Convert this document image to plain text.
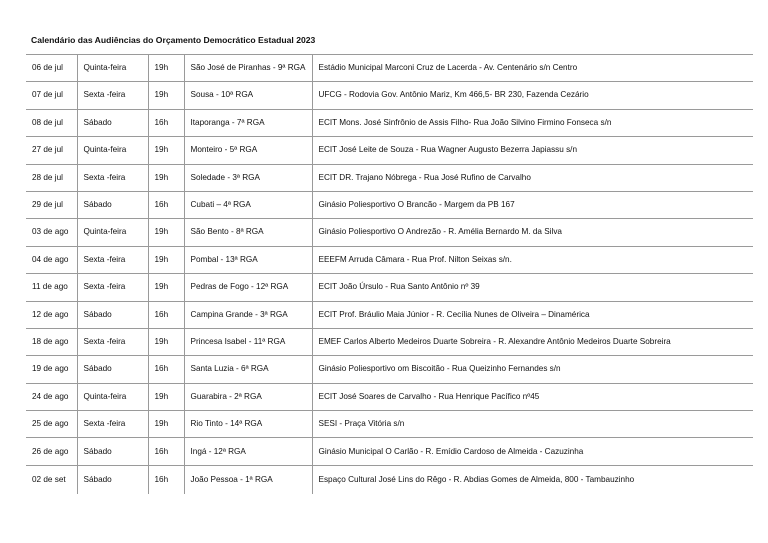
Calendário das Audiências do Orçamento Democrático Estadual 2023
06 de jul	Quinta-feira	19h	São José de Piranhas - 9ª RGA	Estádio Municipal Marconi Cruz de Lacerda - Av. Centenário s/n Centro
07 de jul	Sexta -feira	19h	Sousa - 10ª RGA	UFCG - Rodovia Gov. Antônio Mariz, Km 466,5- BR 230, Fazenda Cezário
08 de jul	Sábado	16h	Itaporanga - 7ª RGA	ECIT Mons. José Sinfrônio de Assis Filho- Rua João Silvino Firmino Fonseca s/n
27 de jul	Quinta-feira	19h	Monteiro - 5ª RGA	ECIT José Leite de Souza - Rua Wagner Augusto Bezerra Japiassu s/n
28 de jul	Sexta -feira	19h	Soledade - 3ª RGA	ECIT DR. Trajano Nóbrega - Rua José Rufino de Carvalho
29 de jul	Sábado	16h	Cubati – 4ª RGA	Ginásio Poliesportivo O Brancão - Margem da PB 167
03 de ago	Quinta-feira	19h	São Bento - 8ª RGA	Ginásio Poliesportivo O Andrezão - R. Amélia Bernardo M. da Silva
04 de ago	Sexta -feira	19h	Pombal - 13ª RGA	EEEFM Arruda Câmara - Rua Prof. Nilton Seixas s/n.
11 de ago	Sexta -feira	19h	Pedras de Fogo - 12ª RGA	ECIT João Úrsulo - Rua Santo Antônio nº 39
12 de ago	Sábado	16h	Campina Grande - 3ª RGA	ECIT Prof. Bráulio Maia Júnior - R. Cecília Nunes de Oliveira – Dinamérica
18 de ago	Sexta -feira	19h	Princesa Isabel - 11ª RGA	EMEF Carlos Alberto Medeiros Duarte Sobreira - R. Alexandre Antônio Medeiros Duarte Sobreira
19 de ago	Sábado	16h	Santa Luzia - 6ª RGA	Ginásio Poliesportivo om Biscoitão - Rua Queizinho Fernandes s/n
24 de ago	Quinta-feira	19h	Guarabira - 2ª RGA	ECIT José Soares de Carvalho - Rua Henrique Pacífico nº45
25 de ago	Sexta -feira	19h	Rio Tinto - 14ª RGA	SESI - Praça Vitória s/n
26 de ago	Sábado	16h	Ingá - 12ª RGA	Ginásio Municipal O Carlão - R. Emídio Cardoso de Almeida - Cazuzinha
02 de set	Sábado	16h	João Pessoa - 1ª RGA	Espaço Cultural José Lins do Rêgo - R. Abdias Gomes de Almeida, 800 - Tambauzinho
